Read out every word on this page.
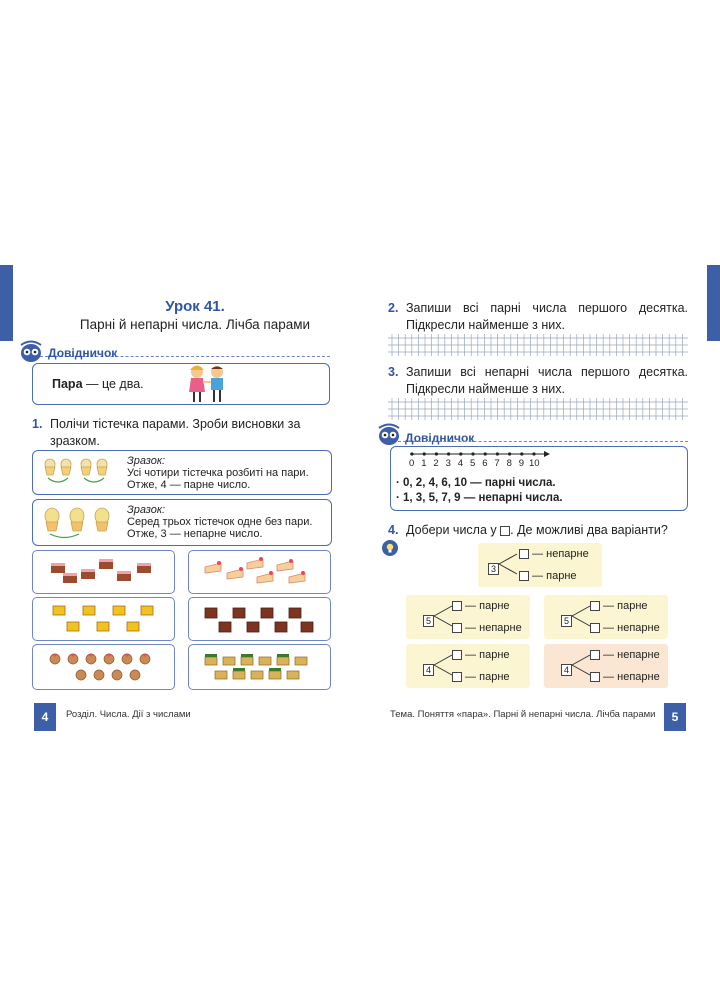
Урок 41.
Парні й непарні числа. Лічба парами
Довідничок
Пара — це два.
1. Полічи тістечка парами. Зроби висновки за зразком.
Зразок:
Усі чотири тістечка розбиті на пари.
Отже, 4 — парне число.
Зразок:
Серед трьох тістечок одне без пари.
Отже, 3 — непарне число.
4	Розділ. Числа. Дії з числами
2. Запиши всі парні числа першого десятка. Підкресли найменше з них.
3. Запиши всі непарні числа першого десятка. Підкресли найменше з них.
Довідничок
0 1 2 3 4 5 6 7 8 9 10
· 0, 2, 4, 6, 10 — парні числа.
· 1, 3, 5, 7, 9 — непарні числа.
4. Добери числа у . Де можливі два варіанти?
3
— непарне
— парне
5
— парне
— непарне
5
— парне
— непарне
4
— парне
— парне
4
— непарне
— непарне
Тема. Поняття «пара». Парні й непарні числа. Лічба парами	5
